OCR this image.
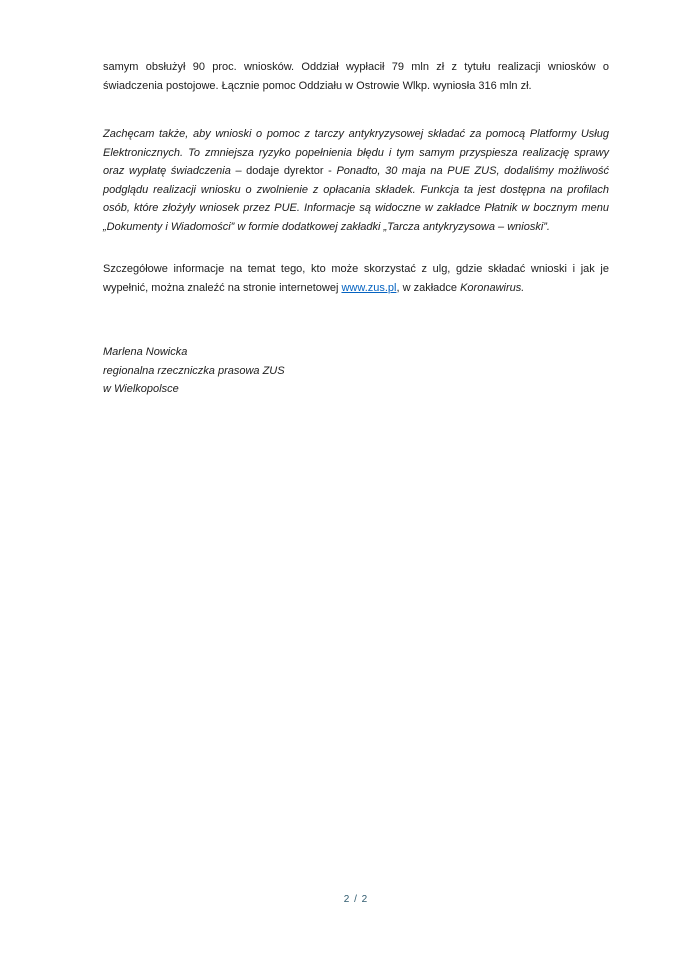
samym obsłużył 90 proc. wniosków. Oddział wypłacił 79 mln zł z tytułu realizacji wniosków o świadczenia postojowe. Łącznie pomoc Oddziału w Ostrowie Wlkp. wyniosła 316 mln zł.

Zachęcam także, aby wnioski o pomoc z tarczy antykryzysowej składać za pomocą Platformy Usług Elektronicznych. To zmniejsza ryzyko popełnienia błędu i tym samym przyspiesza realizację sprawy oraz wypłatę świadczenia – dodaje dyrektor - Ponadto, 30 maja na PUE ZUS, dodaliśmy możliwość podglądu realizacji wniosku o zwolnienie z opłacania składek. Funkcja ta jest dostępna na profilach osób, które złożyły wniosek przez PUE. Informacje są widoczne w zakładce Płatnik w bocznym menu „Dokumenty i Wiadomości” w formie dodatkowej zakładki „Tarcza antykryzysowa – wnioski”.

Szczegółowe informacje na temat tego, kto może skorzystać z ulg, gdzie składać wnioski i jak je wypełnić, można znaleźć na stronie internetowej www.zus.pl, w zakładce Koronawirus.

Marlena Nowicka

regionalna rzeczniczka prasowa ZUS

w Wielkopolsce

2 / 2
